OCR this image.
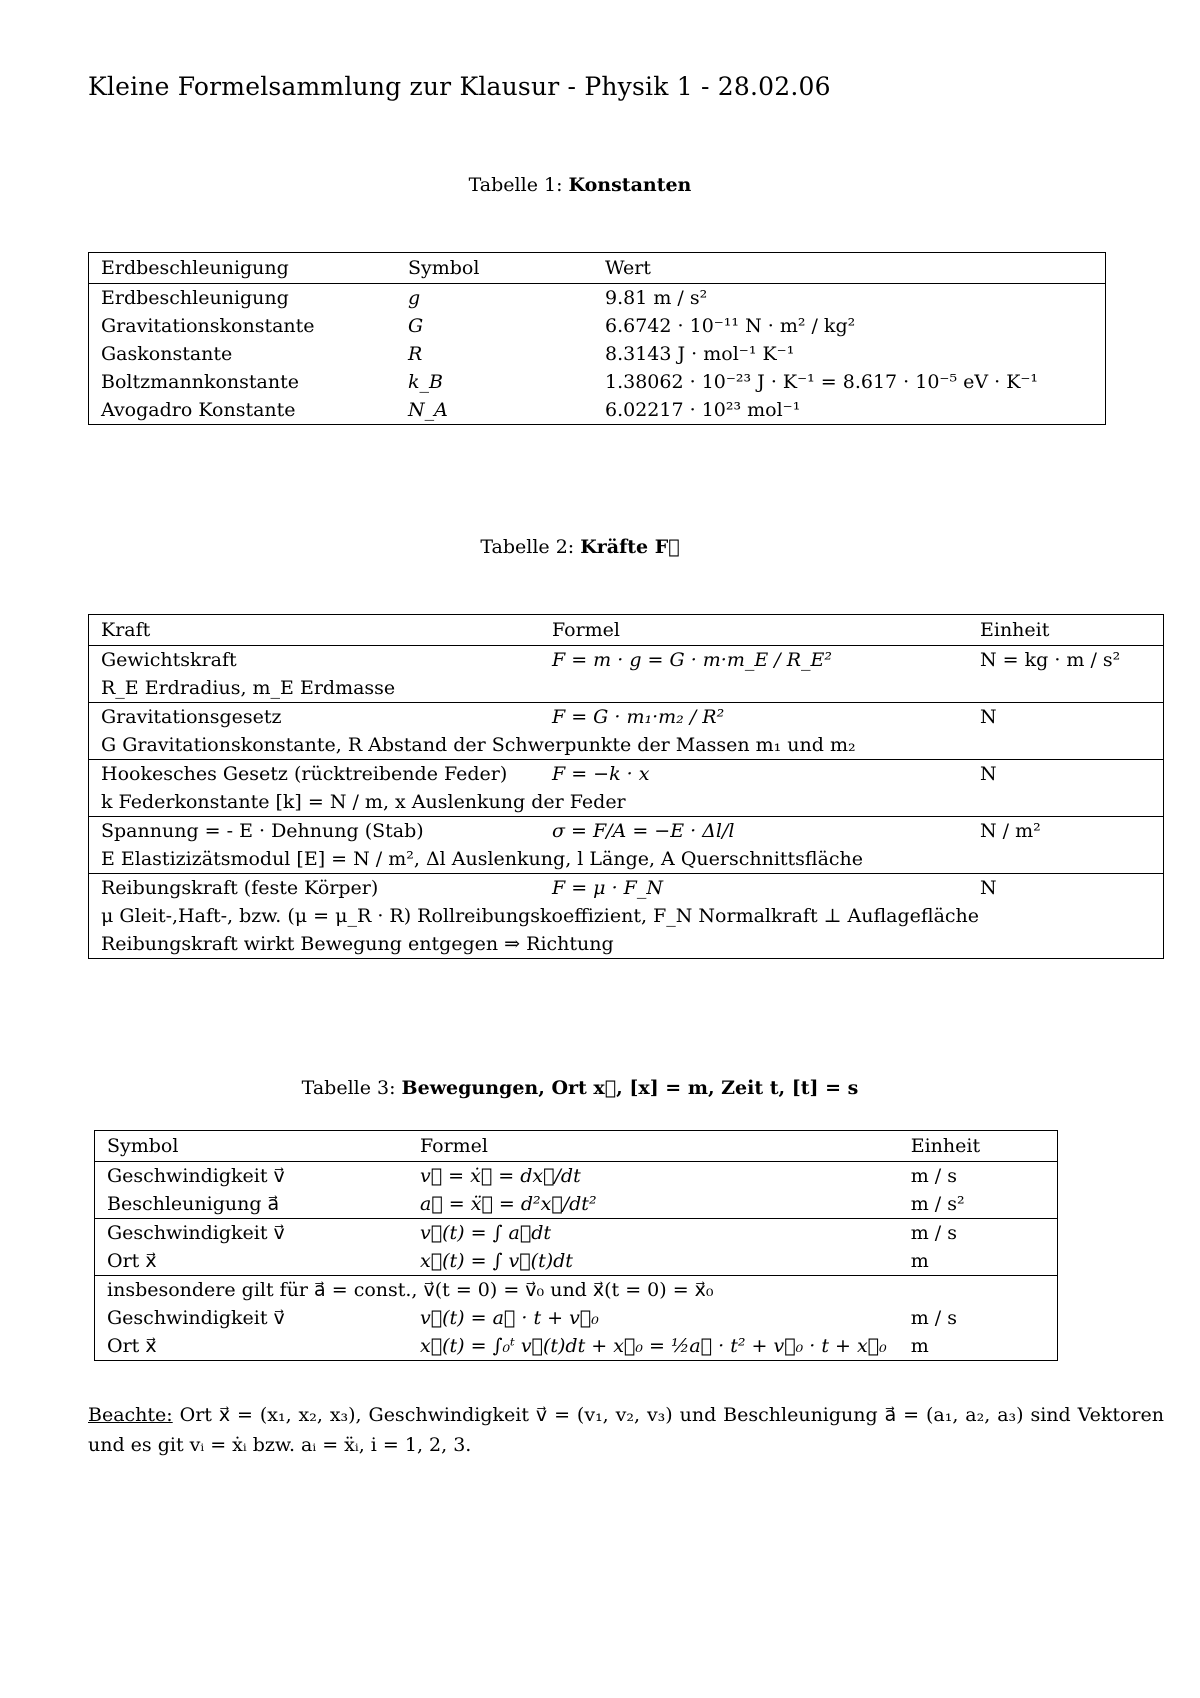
Kleine Formelsammlung zur Klausur - Physik 1 - 28.02.06
Tabelle 1: Konstanten
Erdbeschleunigung	Symbol	Wert
Erdbeschleunigung	g	9.81 m / s²
Gravitationskonstante	G	6.6742 · 10⁻¹¹ N · m² / kg²
Gaskonstante	R	8.3143 J · mol⁻¹ K⁻¹
Boltzmannkonstante	k_B	1.38062 · 10⁻²³ J · K⁻¹ = 8.617 · 10⁻⁵ eV · K⁻¹
Avogadro Konstante	N_A	6.02217 · 10²³ mol⁻¹
Tabelle 2: Kräfte F⃗
Kraft	Formel	Einheit
Gewichtskraft	F = m · g = G · m·m_E / R_E²	N = kg · m / s²
R_E Erdradius, m_E Erdmasse		
Gravitationsgesetz	F = G · m₁·m₂ / R²	N
G Gravitationskonstante, R Abstand der Schwerpunkte der Massen m₁ und m₂		
Hookesches Gesetz (rücktreibende Feder)	F = −k · x	N
k Federkonstante [k] = N / m, x Auslenkung der Feder		
Spannung = - E · Dehnung (Stab)	σ = F/A = −E · Δl/l	N / m²
E Elastizizätsmodul [E] = N / m², Δl Auslenkung, l Länge, A Querschnittsfläche		
Reibungskraft (feste Körper)	F = μ · F_N	N
μ Gleit-,Haft-, bzw. (μ = μ_R · R) Rollreibungskoeffizient, F_N Normalkraft ⊥ Auflagefläche		
Reibungskraft wirkt Bewegung entgegen ⇒ Richtung		
Tabelle 3: Bewegungen, Ort x⃗, [x] = m, Zeit t, [t] = s
Symbol	Formel	Einheit
Geschwindigkeit v⃗	v⃗ = ẋ⃗ = dx⃗/dt	m / s
Beschleunigung a⃗	a⃗ = ẍ⃗ = d²x⃗/dt²	m / s²
Geschwindigkeit v⃗	v⃗(t) = ∫ a⃗dt	m / s
Ort x⃗	x⃗(t) = ∫ v⃗(t)dt	m
insbesondere gilt für a⃗ = const., v⃗(t = 0) = v⃗₀ und x⃗(t = 0) = x⃗₀		
Geschwindigkeit v⃗	v⃗(t) = a⃗ · t + v⃗₀	m / s
Ort x⃗	x⃗(t) = ∫₀ᵗ v⃗(t)dt + x⃗₀ = ½a⃗ · t² + v⃗₀ · t + x⃗₀	m
Beachte: Ort x⃗ = (x₁, x₂, x₃), Geschwindigkeit v⃗ = (v₁, v₂, v₃) und Beschleunigung a⃗ = (a₁, a₂, a₃) sind Vektoren und es git vᵢ = ẋᵢ bzw. aᵢ = ẍᵢ, i = 1, 2, 3.
